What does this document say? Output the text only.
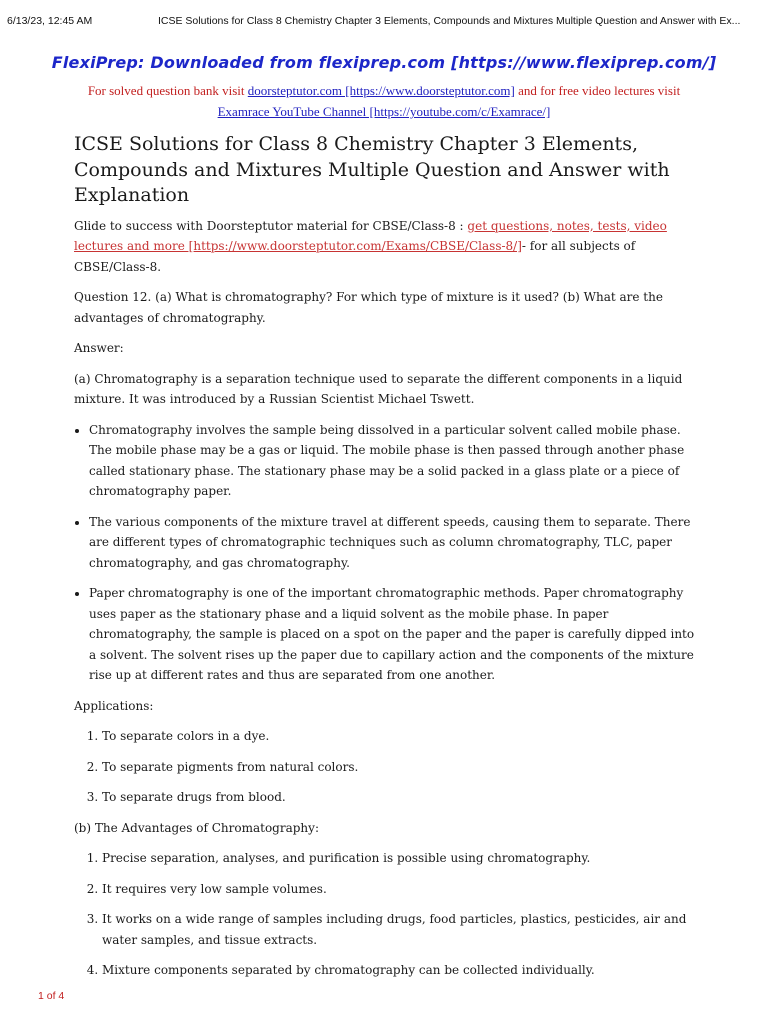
6/13/23, 12:45 AM	ICSE Solutions for Class 8 Chemistry Chapter 3 Elements, Compounds and Mixtures Multiple Question and Answer with Ex...
FlexiPrep: Downloaded from flexiprep.com [https://www.flexiprep.com/]
For solved question bank visit doorsteptutor.com [https://www.doorsteptutor.com] and for free video lectures visit Examrace YouTube Channel [https://youtube.com/c/Examrace/]
ICSE Solutions for Class 8 Chemistry Chapter 3 Elements, Compounds and Mixtures Multiple Question and Answer with Explanation

Glide to success with Doorsteptutor material for CBSE/Class-8 : get questions, notes, tests, video lectures and more [https://www.doorsteptutor.com/Exams/CBSE/Class-8/]- for all subjects of CBSE/Class-8.

Question 12. (a) What is chromatography? For which type of mixture is it used? (b) What are the advantages of chromatography.

Answer:

(a) Chromatography is a separation technique used to separate the different components in a liquid mixture. It was introduced by a Russian Scientist Michael Tswett.

• Chromatography involves the sample being dissolved in a particular solvent called mobile phase. The mobile phase may be a gas or liquid. The mobile phase is then passed through another phase called stationary phase. The stationary phase may be a solid packed in a glass plate or a piece of chromatography paper.
• The various components of the mixture travel at different speeds, causing them to separate. There are different types of chromatographic techniques such as column chromatography, TLC, paper chromatography, and gas chromatography.
• Paper chromatography is one of the important chromatographic methods. Paper chromatography uses paper as the stationary phase and a liquid solvent as the mobile phase. In paper chromatography, the sample is placed on a spot on the paper and the paper is carefully dipped into a solvent. The solvent rises up the paper due to capillary action and the components of the mixture rise up at different rates and thus are separated from one another.

Applications:

1. To separate colors in a dye.
2. To separate pigments from natural colors.
3. To separate drugs from blood.

(b) The Advantages of Chromatography:

1. Precise separation, analyses, and purification is possible using chromatography.
2. It requires very low sample volumes.
3. It works on a wide range of samples including drugs, food particles, plastics, pesticides, air and water samples, and tissue extracts.
4. Mixture components separated by chromatography can be collected individually.
1 of 4
